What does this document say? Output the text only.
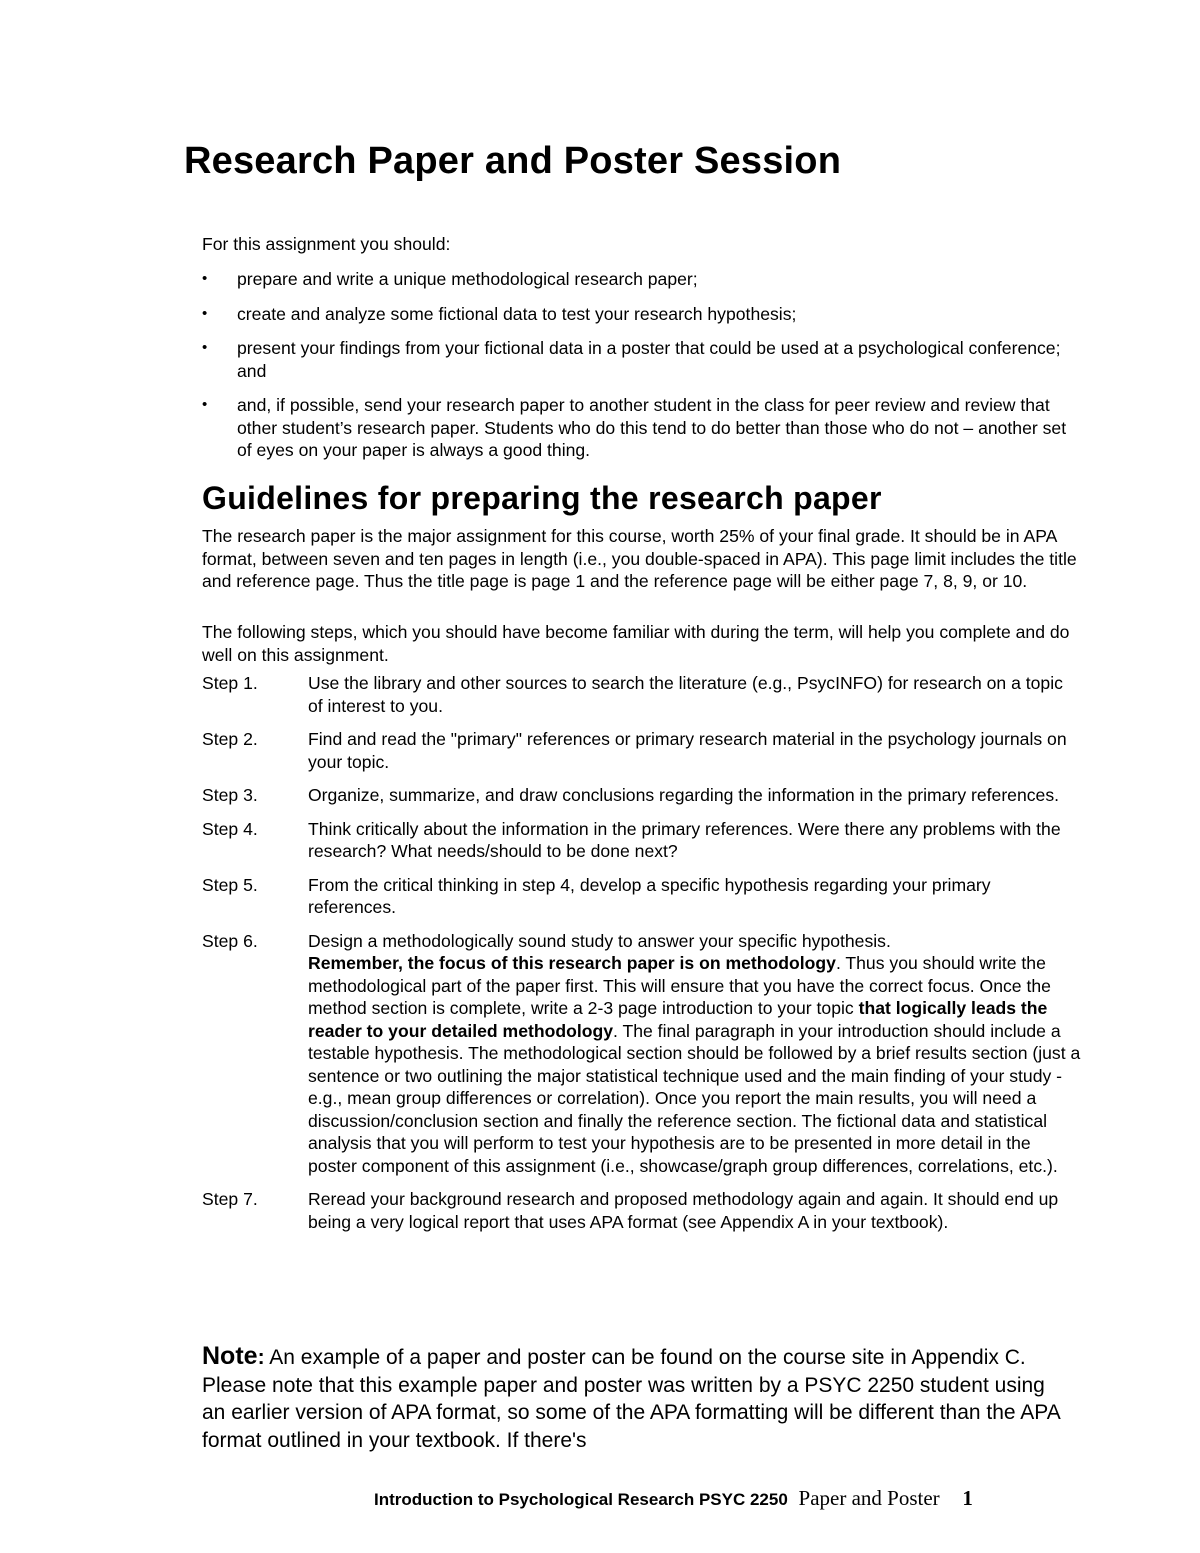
Research Paper and Poster Session

For this assignment you should:

• prepare and write a unique methodological research paper;
• create and analyze some fictional data to test your research hypothesis;
• present your findings from your fictional data in a poster that could be used at a psychological conference; and
• and, if possible, send your research paper to another student in the class for peer review and review that other student’s research paper. Students who do this tend to do better than those who do not – another set of eyes on your paper is always a good thing.
Guidelines for preparing the research paper

The research paper is the major assignment for this course, worth 25% of your final grade. It should be in APA format, between seven and ten pages in length (i.e., you double-spaced in APA). This page limit includes the title and reference page. Thus the title page is page 1 and the reference page will be either page 7, 8, 9, or 10.

The following steps, which you should have become familiar with during the term, will help you complete and do well on this assignment.

Step 1.	Use the library and other sources to search the literature (e.g., PsycINFO) for research on a topic of interest to you.
Step 2.	Find and read the "primary" references or primary research material in the psychology journals on your topic.
Step 3.	Organize, summarize, and draw conclusions regarding the information in the primary references.
Step 4.	Think critically about the information in the primary references. Were there any problems with the research? What needs/should to be done next?
Step 5.	From the critical thinking in step 4, develop a specific hypothesis regarding your primary references.
Step 6.	Design a methodologically sound study to answer your specific hypothesis.
Remember, the focus of this research paper is on methodology. Thus you should write the methodological part of the paper first. This will ensure that you have the correct focus. Once the method section is complete, write a 2-3 page introduction to your topic that logically leads the reader to your detailed methodology. The final paragraph in your introduction should include a testable hypothesis. The methodological section should be followed by a brief results section (just a sentence or two outlining the major statistical technique used and the main finding of your study - e.g., mean group differences or correlation). Once you report the main results, you will need a discussion/conclusion section and finally the reference section. The fictional data and statistical analysis that you will perform to test your hypothesis are to be presented in more detail in the poster component of this assignment (i.e., showcase/graph group differences, correlations, etc.).
Step 7.	Reread your background research and proposed methodology again and again. It should end up being a very logical report that uses APA format (see Appendix A in your textbook).

Note: An example of a paper and poster can be found on the course site in Appendix C. Please note that this example paper and poster was written by a PSYC 2250 student using an earlier version of APA format, so some of the APA formatting will be different than the APA format outlined in your textbook. If there's

Introduction to Psychological Research PSYC 2250 Paper and Poster 1
